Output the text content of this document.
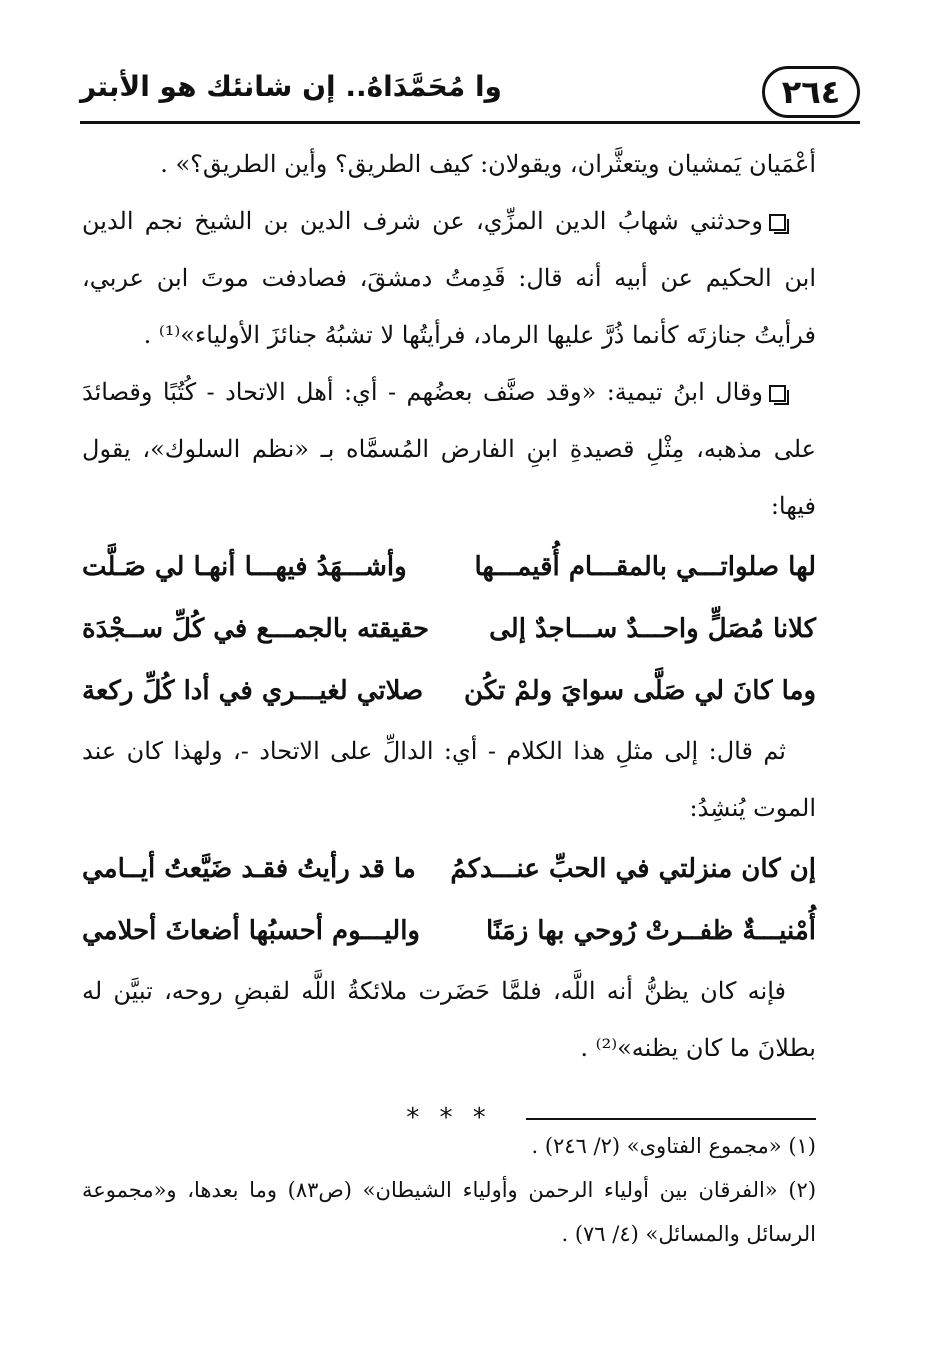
٢٦٤
وا مُحَمَّدَاهُ.. إن شانئك هو الأبتر

أعْمَيان يَمشيان ويتعثَّران، ويقولان: كيف الطريق؟ وأين الطريق؟» .

وحدثني شهابُ الدين المزِّي، عن شرف الدين بن الشيخ نجم الدين ابن الحكيم عن أبيه أنه قال: قَدِمتُ دمشقَ، فصادفت موتَ ابن عربي، فرأيتُ جنازتَه كأنما ذُرَّ عليها الرماد، فرأيتُها لا تشبُهُ جنائزَ الأولياء»⁽¹⁾ .

وقال ابنُ تيمية: «وقد صنَّف بعضُهم - أي: أهل الاتحاد - كُتُبًا وقصائدَ على مذهبه، مِثْلِ قصيدةِ ابنِ الفارض المُسمَّاه بـ «نظم السلوك»، يقول فيها:

لها صلواتـــي بالمقـــام أُقيمـــها
وأشـــهَدُ فيهـــا أنهـا لي صَـلَّت
كلانا مُصَلٍّ واحـــدٌ ســـاجدٌ إلى
حقيقته بالجمـــع في كُلِّ ســجْدَة
وما كانَ لي صَلَّى سوايَ ولمْ تكُن
صلاتي لغيـــري في أدا كُلِّ ركعة

ثم قال: إلى مثلِ هذا الكلام - أي: الدالِّ على الاتحاد -، ولهذا كان عند الموت يُنشِدُ:

إن كان منزلتي في الحبِّ عنـــدكمُ
ما قد رأيتُ فقـد ضَيَّعتُ أيــامي
أُمْنيـــةٌ ظفــرتْ رُوحي بها زمَنًا
واليـــوم أحسبُها أضعاثَ أحلامي

فإنه كان يظنُّ أنه اللَّه، فلمَّا حَضَرت ملائكةُ اللَّه لقبضِ روحه، تبيَّن له بطلانَ ما كان يظنه»⁽²⁾ .

* * *

(١) «مجموع الفتاوى» (٢/ ٢٤٦) .

(٢) «الفرقان بين أولياء الرحمن وأولياء الشيطان» (ص٨٣) وما بعدها، و«مجموعة الرسائل والمسائل» (٤/ ٧٦) .
